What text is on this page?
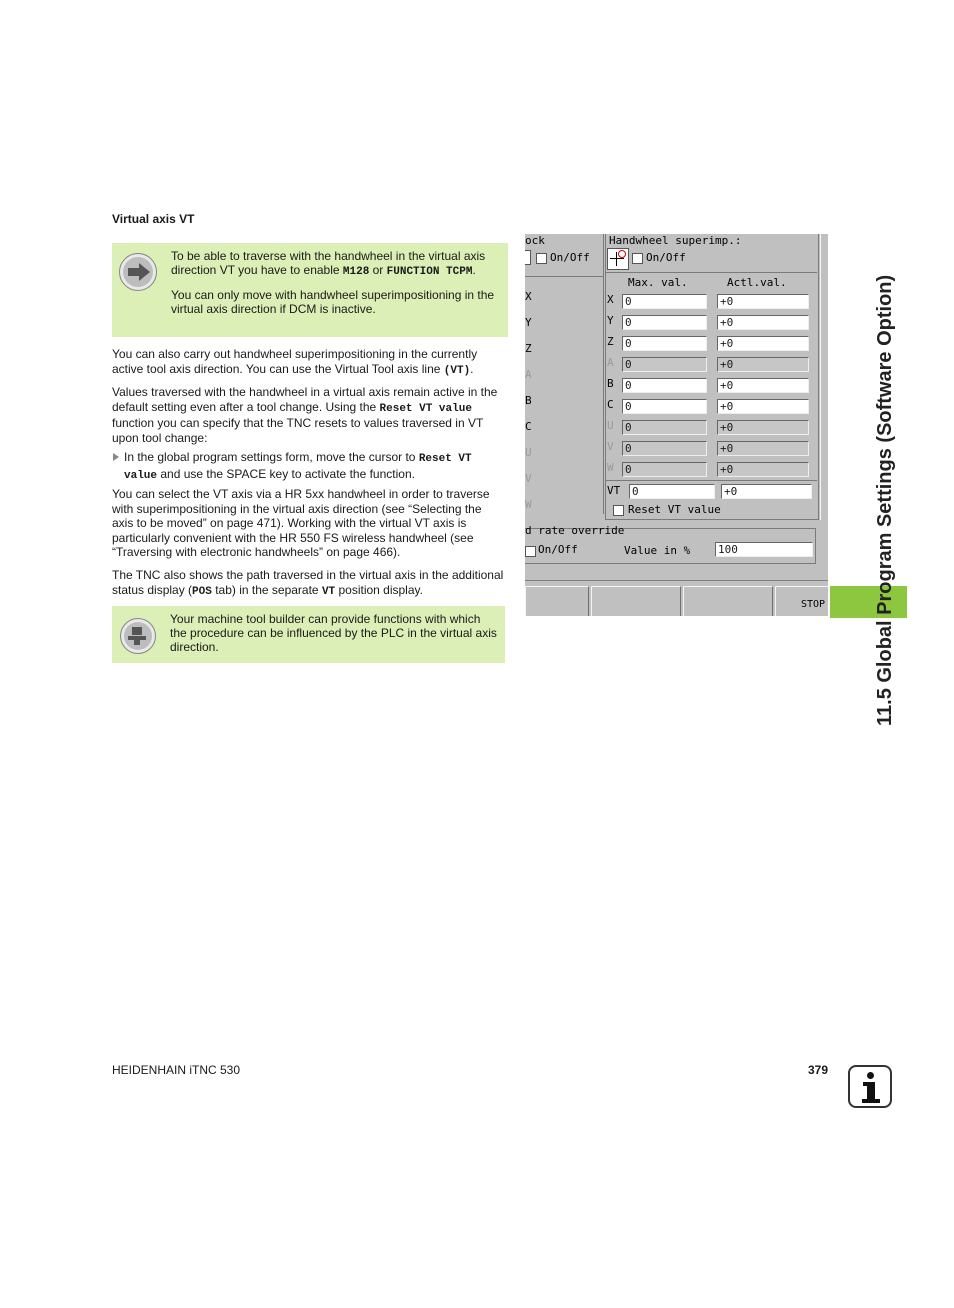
Virtual axis VT

To be able to traverse with the handwheel in the virtual axis direction VT you have to enable M128 or FUNCTION TCPM.

You can only move with handwheel superimpositioning in the virtual axis direction if DCM is inactive.

You can also carry out handwheel superimpositioning in the currently active tool axis direction. You can use the Virtual Tool axis line (VT).

Values traversed with the handwheel in a virtual axis remain active in the default setting even after a tool change. Using the Reset VT value function you can specify that the TNC resets to values traversed in VT upon tool change:

In the global program settings form, move the cursor to Reset VT value and use the SPACE key to activate the function.

You can select the VT axis via a HR 5xx handwheel in order to traverse with superimpositioning in the virtual axis direction (see “Selecting the axis to be moved” on page 471). Working with the virtual VT axis is particularly convenient with the HR 550 FS wireless handwheel (see “Traversing with electronic handwheels” on page 466).

The TNC also shows the path traversed in the virtual axis in the additional status display (POS tab) in the separate VT position display.

Your machine tool builder can provide functions with which the procedure can be influenced by the PLC in the virtual axis direction.

ock
On/Off
X
Y
Z
A
B
C
U
V
W
Handwheel superimp.:
On/Off
Max. val.	Actl.val.
X 0	+0
Y 0	+0
Z 0	+0
A 0	+0
B 0	+0
C 0	+0
U 0	+0
V 0	+0
W 0	+0
VT 0	+0
Reset VT value
d rate override
On/Off	Value in %	100
STOP 11.5 Global Program Settings (Software Option)
HEIDENHAIN iTNC 530	379
